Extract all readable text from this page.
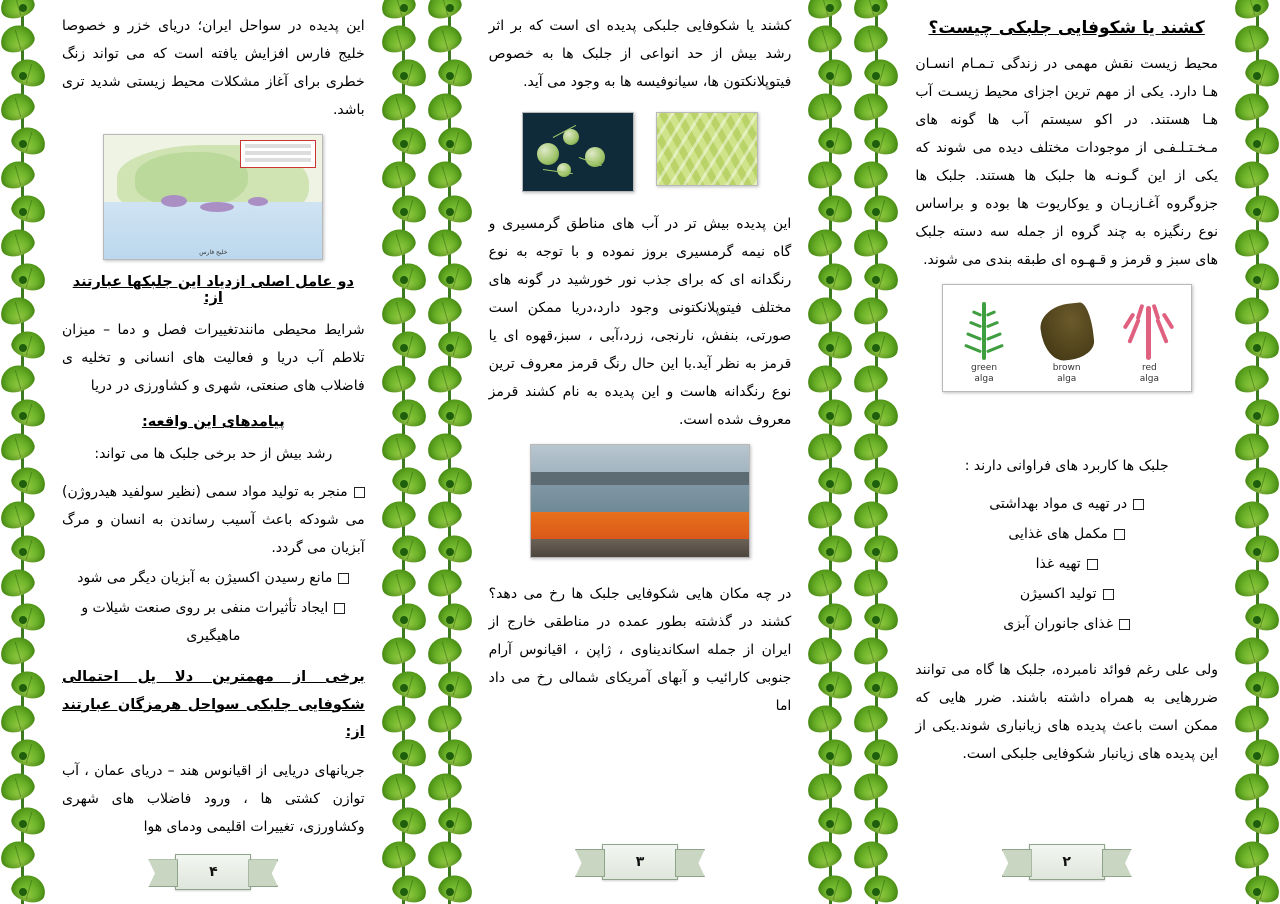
کشند یا شکوفایی جلبکی چیست؟

محیط زیست نقش مهمی در زندگی تـمـام انسـان هـا دارد. یکی از مهم ترین اجزای محیط زیسـت آب هـا هستند. در اکو سیستم آب ها گونه های مـخـتـلـفـی از موجودات مختلف دیده می شوند که یکی از این گـونـه ها جلبک ها هستند. جلبک ها جزوگروه آغـازیـان و یوکاریوت ها بوده و براساس نوع رنگیزه به چند گروه از جمله سه دسته جلبک های سبز و قرمز و قـهـوه ای طبقه بندی می شوند.

red
alga
brown
alga
green
alga

جلبک ها کاربرد های فراوانی دارند :

در تهیه ی مواد بهداشتی
مکمل های غذایی
تهیه غذا
تولید اکسیژن
غذای جانوران آبزی

ولی علی رغم فوائد نامبرده، جلبک ها گاه می توانند ضررهایی به همراه داشته باشند. ضرر هایی که ممکن است باعث پدیده های زیانباری شوند.یکی از این پدیده های زیانبار شکوفایی جلبکی است.

۲

کشند یا شکوفایی جلبکی پدیده ای است که بر اثر رشد بیش از حد انواعی از جلبک ها به خصوص فیتوپلانکتون ها، سیانوفیسه ها به وجود می آید.

این پدیده بیش تر در آب های مناطق گرمسیری و گاه نیمه گرمسیری بروز نموده و با توجه به نوع رنگدانه ای که برای جذب نور خورشید در گونه های مختلف فیتوپلانکتونی وجود دارد،دریا ممکن است صورتی، بنفش، نارنجی، زرد،آبی ، سبز،قهوه ای یا قرمز به نظر آید.با این حال رنگ قرمز معروف ترین نوع رنگدانه هاست و این پدیده به نام کشند قرمز معروف شده است.

در چه مکان هایی شکوفایی جلبک ها رخ می دهد؟ کشند در گذشته بطور عمده در مناطقی خارج از ایران از جمله اسکاندیناوی ، ژاپن ، اقیانوس آرام جنوبی کارائیب و آبهای آمریکای شمالی رخ می داد اما

۳

این پدیده در سواحل ایران؛ دریای خزر و خصوصا خلیج فارس افزایش یافته است که می تواند زنگ خطری برای آغاز مشکلات محیط زیستی شدید تری باشد.

خلیج فارس
دو عامل اصلی ازدیاد این جلبکها عبارتند از:

شرایط محیطی مانندتغییرات فصل و دما – میزان تلاطم آب دریا و فعالیت های انسانی و تخلیه ی فاضلاب های صنعتی، شهری و کشاورزی در دریا

پیامدهای این واقعه:

رشد بیش از حد برخی جلبک ها می تواند:

منجر به تولید مواد سمی (نظیر سولفید هیدروژن) می شودکه باعث آسیب رساندن به انسان و مرگ آبزیان می گردد.
مانع رسیدن اکسیژن به آبزیان دیگر می شود
ایجاد تأثیرات منفی بر روی صنعت شیلات و ماهیگیری
برخی از مهمترین دلا یل احتمالی شکوفایی جلبکی سواحل هرمزگان عبارتند از:

جریانهای دریایی از اقیانوس هند – دریای عمان ، آب توازن کشتی ها ، ورود فاضلاب های شهری وکشاورزی، تغییرات اقلیمی ودمای هوا

۴
